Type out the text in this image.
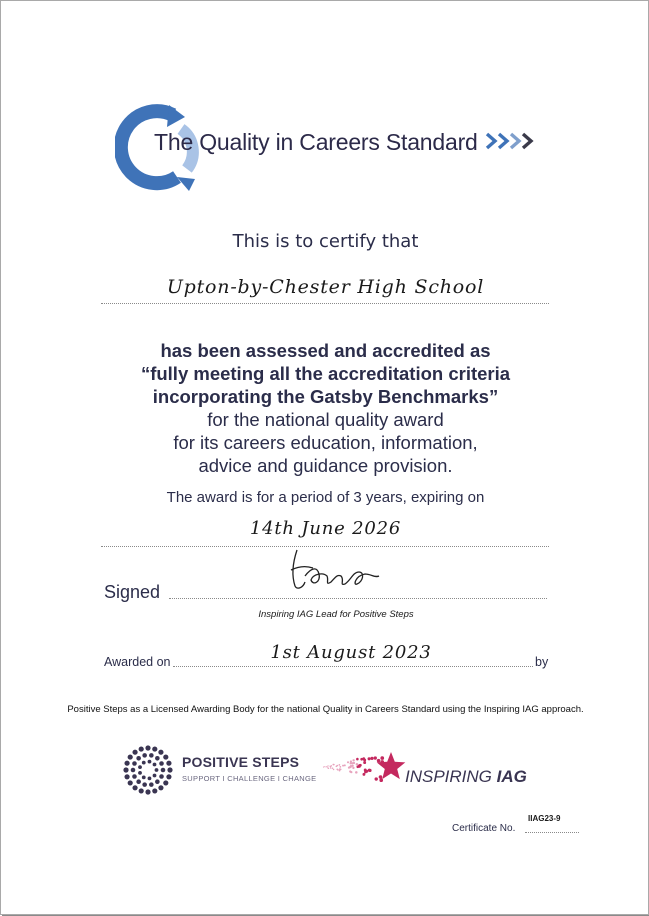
The Quality in Careers Standard
This is to certify that
Upton-by-Chester High School
has been assessed and accredited as
“fully meeting all the accreditation criteria
incorporating the Gatsby Benchmarks”
for the national quality award
for its careers education, information,
advice and guidance provision.
The award is for a period of 3 years, expiring on
14th June 2026
Signed
Inspiring IAG Lead for Positive Steps
Awarded on	1st August 2023	by
Positive Steps as a Licensed Awarding Body for the national Quality in Careers Standard using the Inspiring IAG approach.
POSITIVE STEPS
SUPPORT I CHALLENGE I CHANGE	INSPIRING IAG
Certificate No.
IIAG23-9
